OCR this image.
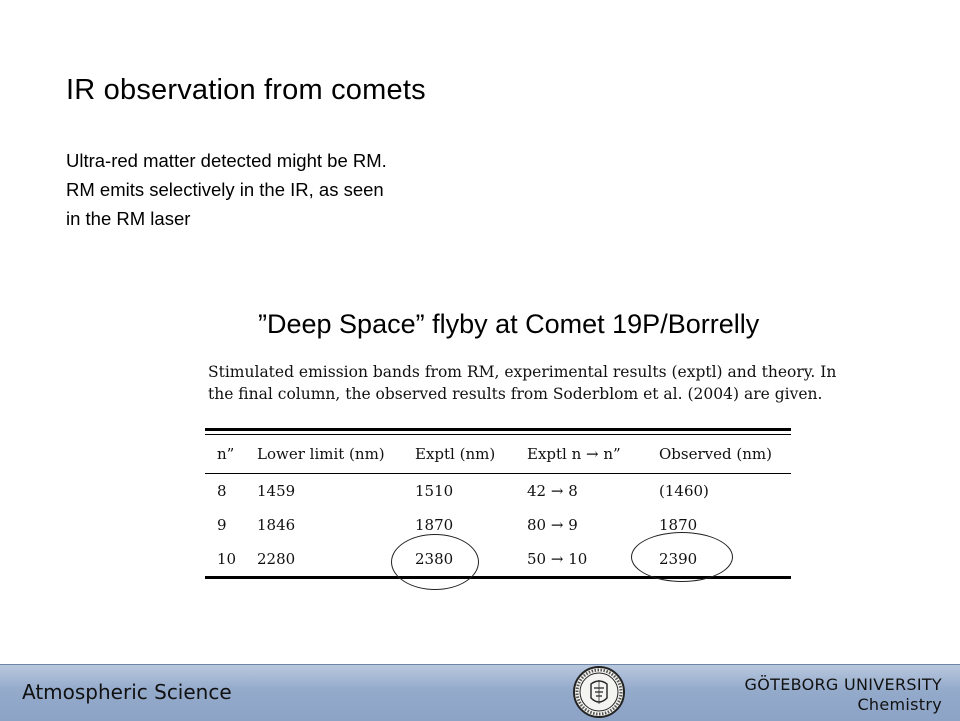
IR observation from comets
Ultra-red matter detected might be RM.
RM emits selectively in the IR, as seen
in the RM laser
”Deep Space” flyby at Comet 19P/Borrelly
Stimulated emission bands from RM, experimental results (exptl) and theory. In
the final column, the observed results from Soderblom et al. (2004) are given.
n”	Lower limit (nm)	Exptl (nm)	Exptl n → n”	Observed (nm)

8	1459	1510	42 → 8	(1460)
9	1846	1870	80 → 9	1870
10	2280	2380	50 → 10	2390
Atmospheric Science	GÖTEBORG UNIVERSITY
Chemistry
